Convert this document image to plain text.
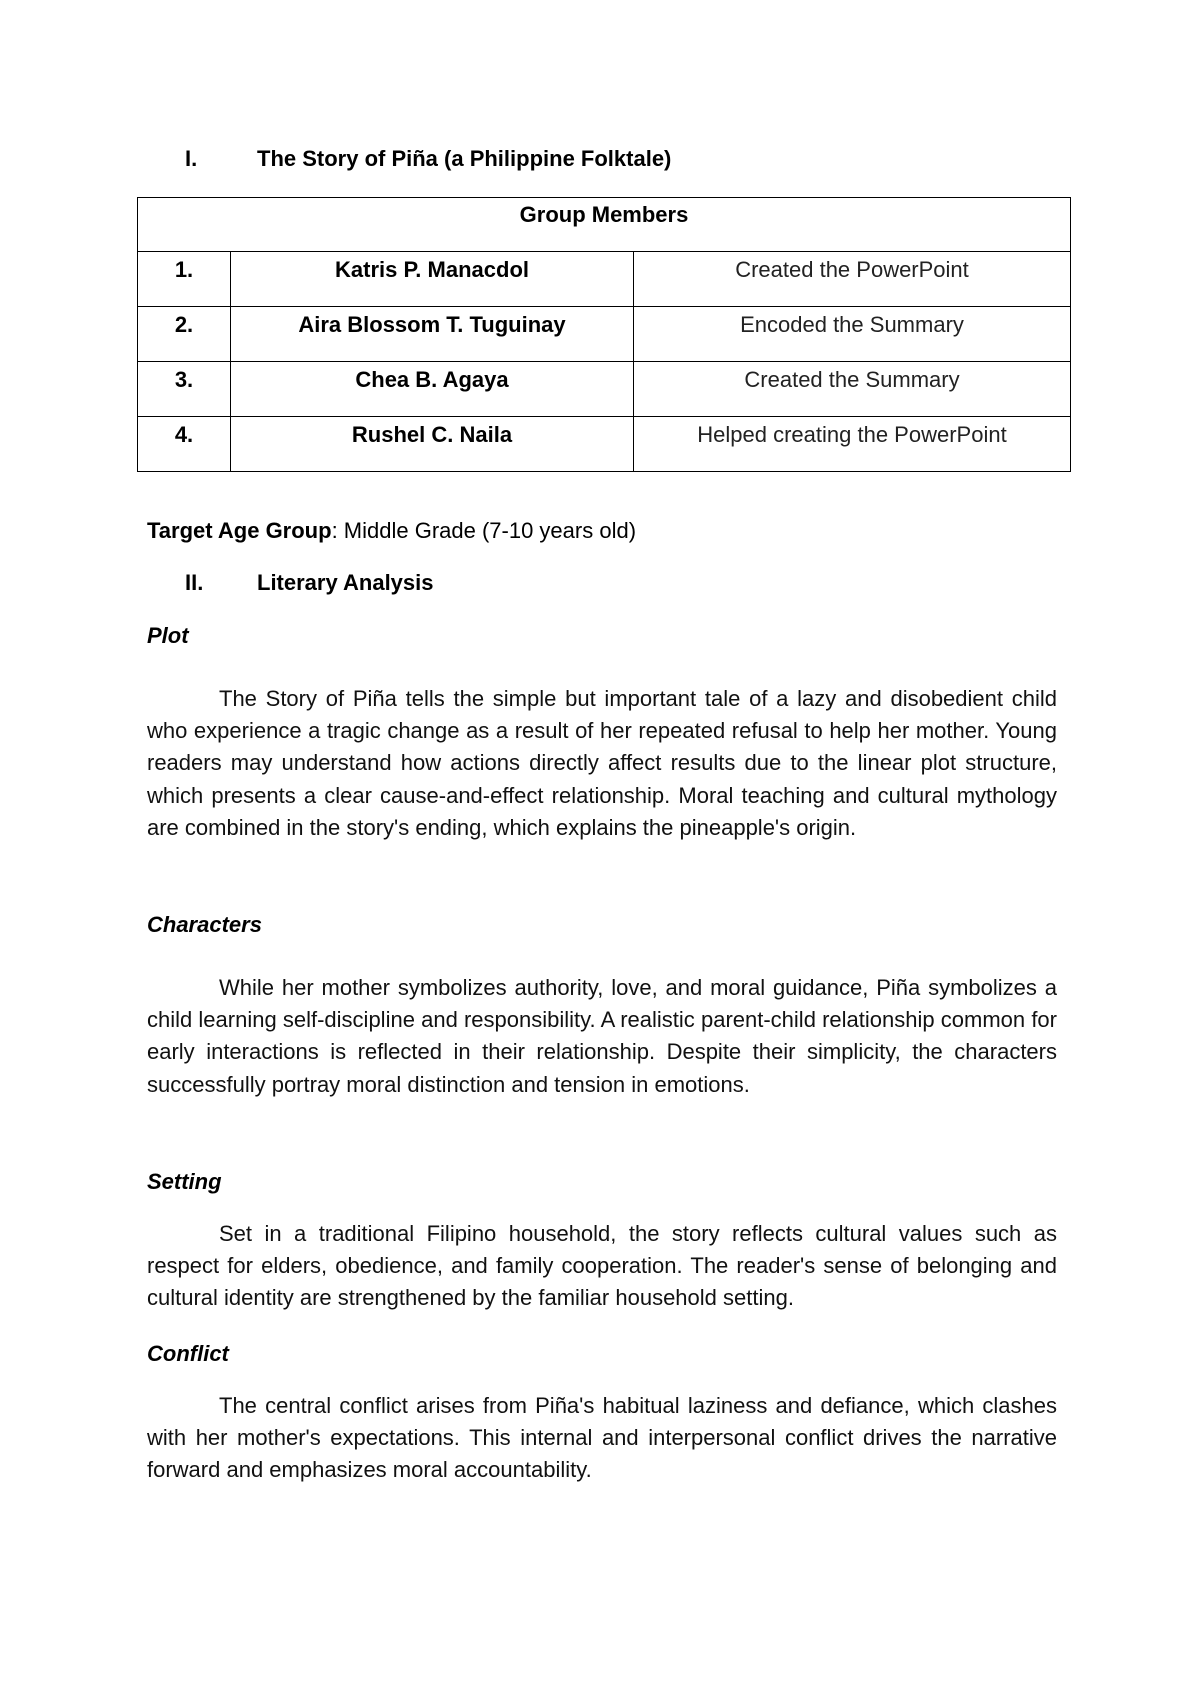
I.	The Story of Piña (a Philippine Folktale)
Group Members		
1.	Katris P. Manacdol	Created the PowerPoint
2.	Aira Blossom T. Tuguinay	Encoded the Summary
3.	Chea B. Agaya	Created the Summary
4.	Rushel C. Naila	Helped creating the PowerPoint
Target Age Group: Middle Grade (7-10 years old)
II. Literary Analysis
Plot

The Story of Piña tells the simple but important tale of a lazy and disobedient child who experience a tragic change as a result of her repeated refusal to help her mother. Young readers may understand how actions directly affect results due to the linear plot structure, which presents a clear cause-and-effect relationship. Moral teaching and cultural mythology are combined in the story's ending, which explains the pineapple's origin.

Characters

While her mother symbolizes authority, love, and moral guidance, Piña symbolizes a child learning self-discipline and responsibility. A realistic parent-child relationship common for early interactions is reflected in their relationship. Despite their simplicity, the characters successfully portray moral distinction and tension in emotions.

Setting

Set in a traditional Filipino household, the story reflects cultural values such as respect for elders, obedience, and family cooperation. The reader's sense of belonging and cultural identity are strengthened by the familiar household setting.

Conflict

The central conflict arises from Piña's habitual laziness and defiance, which clashes with her mother's expectations. This internal and interpersonal conflict drives the narrative forward and emphasizes moral accountability.
